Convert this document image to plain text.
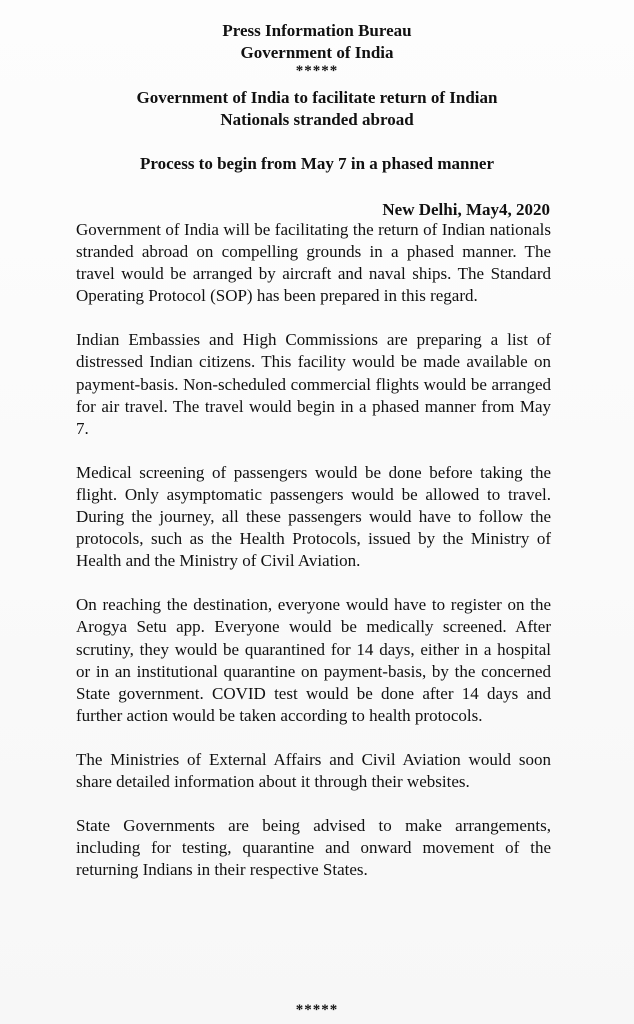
Press Information Bureau
Government of India
*****
Government of India to facilitate return of Indian
Nationals stranded abroad
Process to begin from May 7 in a phased manner
New Delhi, May4, 2020

Government of India will be facilitating the return of Indian nationals stranded abroad on compelling grounds in a phased manner. The travel would be arranged by aircraft and naval ships. The Standard Operating Protocol (SOP) has been prepared in this regard.

Indian Embassies and High Commissions are preparing a list of distressed Indian citizens. This facility would be made available on payment-basis. Non-scheduled commercial flights would be arranged for air travel. The travel would begin in a phased manner from May 7.

Medical screening of passengers would be done before taking the flight. Only asymptomatic passengers would be allowed to travel. During the journey, all these passengers would have to follow the protocols, such as the Health Protocols, issued by the Ministry of Health and the Ministry of Civil Aviation.

On reaching the destination, everyone would have to register on the Arogya Setu app. Everyone would be medically screened. After scrutiny, they would be quarantined for 14 days, either in a hospital or in an institutional quarantine on payment-basis, by the concerned State government. COVID test would be done after 14 days and further action would be taken according to health protocols.

The Ministries of External Affairs and Civil Aviation would soon share detailed information about it through their websites.

State Governments are being advised to make arrangements, including for testing, quarantine and onward movement of the returning Indians in their respective States.

*****
